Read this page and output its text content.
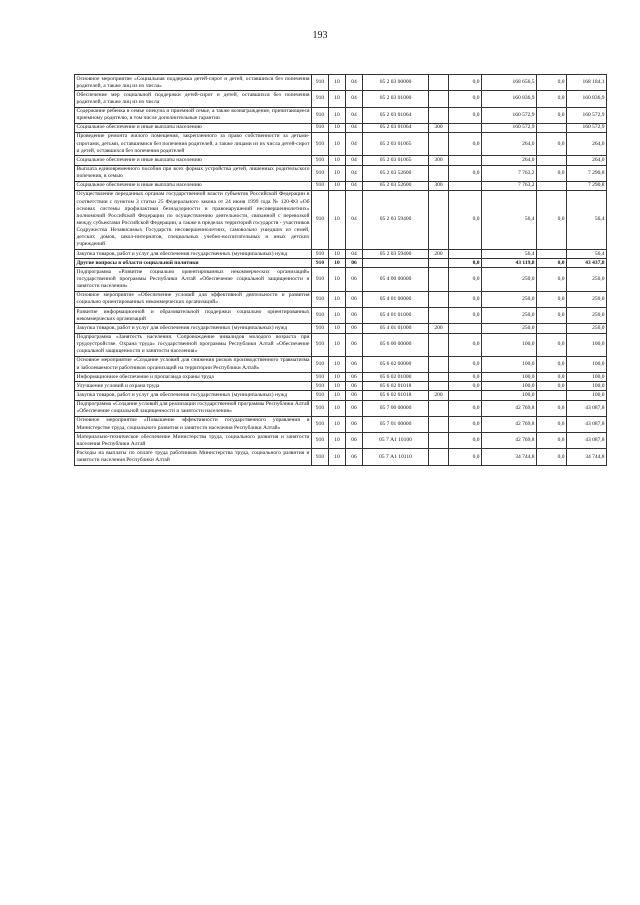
193
Основное мероприятие «Социальная поддержка детей-сирот и детей, оставшихся без попечения родителей, а также лиц из их числа»	910	10	04	05 2 03 00000		0,0	168 656,5	0,0	168 184,1
Обеспечение мер социальной поддержки детей-сирот и детей, оставшихся без попечения родителей, а также лиц из их числа	910	10	04	05 2 03 01000		0,0	160 836,9	0,0	160 836,9
Содержание ребенка в семье опекуна и приемной семье, а также вознаграждение, причитающееся приемному родителю, в том числе дополнительные гарантии	910	10	04	05 2 03 01064		0,0	160 572,9	0,0	160 572,9
Социальное обеспечение и иные выплаты населению	910	10	04	05 2 03 01064	300		160 572,9		160 572,9
Проведение ремонта жилого помещения, закрепленного за право собственности за детьми-сиротами, детьми, оставшимися без попечения родителей, а также лицами из их числа детей-сирот и детей, оставшихся без попечения родителей	910	10	04	05 2 03 01065		0,0	264,0	0,0	264,0
Социальное обеспечение и иные выплаты населению	910	10	04	05 2 03 01065	300		264,0		264,0
Выплата единовременного пособия при всех формах устройства детей, лишенных родительского попечения, в семью	910	10	04	05 2 03 52600		0,0	7 763,2	0,0	7 290,8
Социальное обеспечение и иные выплаты населению	910	10	04	05 2 03 52600	300		7 763,2		7 290,8
Осуществление переданных органам государственной власти субъектов Российской Федерации в соответствии с пунктом 3 статьи 25 Федерального закона от 24 июня 1999 года № 120-ФЗ «Об основах системы профилактики безнадзорности и правонарушений несовершеннолетних» полномочий Российской Федерации по осуществлению деятельности, связанной с перевозкой между субъектами Российской Федерации, а также в пределах территорий государств - участников Содружества Независимых Государств несовершеннолетних, самовольно ушедших из семей, детских домов, школ-интернатов, специальных учебно-воспитательных и иных детских учреждений	910	10	04	05 2 03 59400		0,0	56,4	0,0	56,4
Закупка товаров, работ и услуг для обеспечения государственных (муниципальных) нужд	910	10	04	05 2 03 59400	200		56,4		56,4
Другие вопросы в области социальной политики	910	10	06			0,0	43 119,8	0,0	43 437,8
Подпрограмма «Развитие социально ориентированных некоммерческих организаций» государственной программы Республики Алтай «Обеспечение социальной защищенности и занятости населения»	910	10	06	05 4 00 00000		0,0	250,0	0,0	250,0
Основное мероприятие «Обеспечение условий для эффективной деятельности и развития социально ориентированных некоммерческих организаций»	910	10	06	05 4 01 00000		0,0	250,0	0,0	250,0
Развитие информационной и образовательной поддержки социально ориентированных некоммерческих организаций	910	10	06	05 4 01 01000		0,0	250,0	0,0	250,0
Закупка товаров, работ и услуг для обеспечения государственных (муниципальных) нужд	910	10	06	05 4 01 01000	200		250,0		250,0
Подпрограмма «Занятость населения. Сопровождение инвалидов молодого возраста при трудоустройстве. Охрана труда» государственной программы Республики Алтай «Обеспечение социальной защищенности и занятости населения»	910	10	06	05 6 00 00000		0,0	100,0	0,0	100,0
Основное мероприятие «Создание условий для снижения рисков производственного травматизма и заболеваемости работников организаций на территории Республики Алтай»	910	10	06	05 6 02 00000		0,0	100,0	0,0	100,0
Информационное обеспечение и пропаганда охраны труда	910	10	06	05 6 02 01000		0,0	100,0	0,0	100,0
Улучшение условий и охрана труда	910	10	06	05 6 02 01018		0,0	100,0	0,0	100,0
Закупка товаров, работ и услуг для обеспечения государственных (муниципальных) нужд	910	10	06	05 6 02 01018	200		100,0		100,0
Подпрограмма «Создание условий для реализации государственной программы Республики Алтай «Обеспечение социальной защищенности и занятости населения»	910	10	06	05 7 00 00000		0,0	42 769,8	0,0	43 087,8
Основное мероприятие «Повышение эффективности государственного управления в Министерстве труда, социального развития и занятости населения Республики Алтай»	910	10	06	05 7 01 00000		0,0	42 769,8	0,0	43 087,8
Материально-техническое обеспечение Министерства труда, социального развития и занятости населения Республики Алтай	910	10	06	05 7 А1 10100		0,0	42 769,8	0,0	43 087,8
Расходы на выплаты по оплате труда работников Министерства труда, социального развития и занятости населения Республики Алтай	910	10	06	05 7 А1 10110		0,0	34 744,8	0,0	34 744,8
